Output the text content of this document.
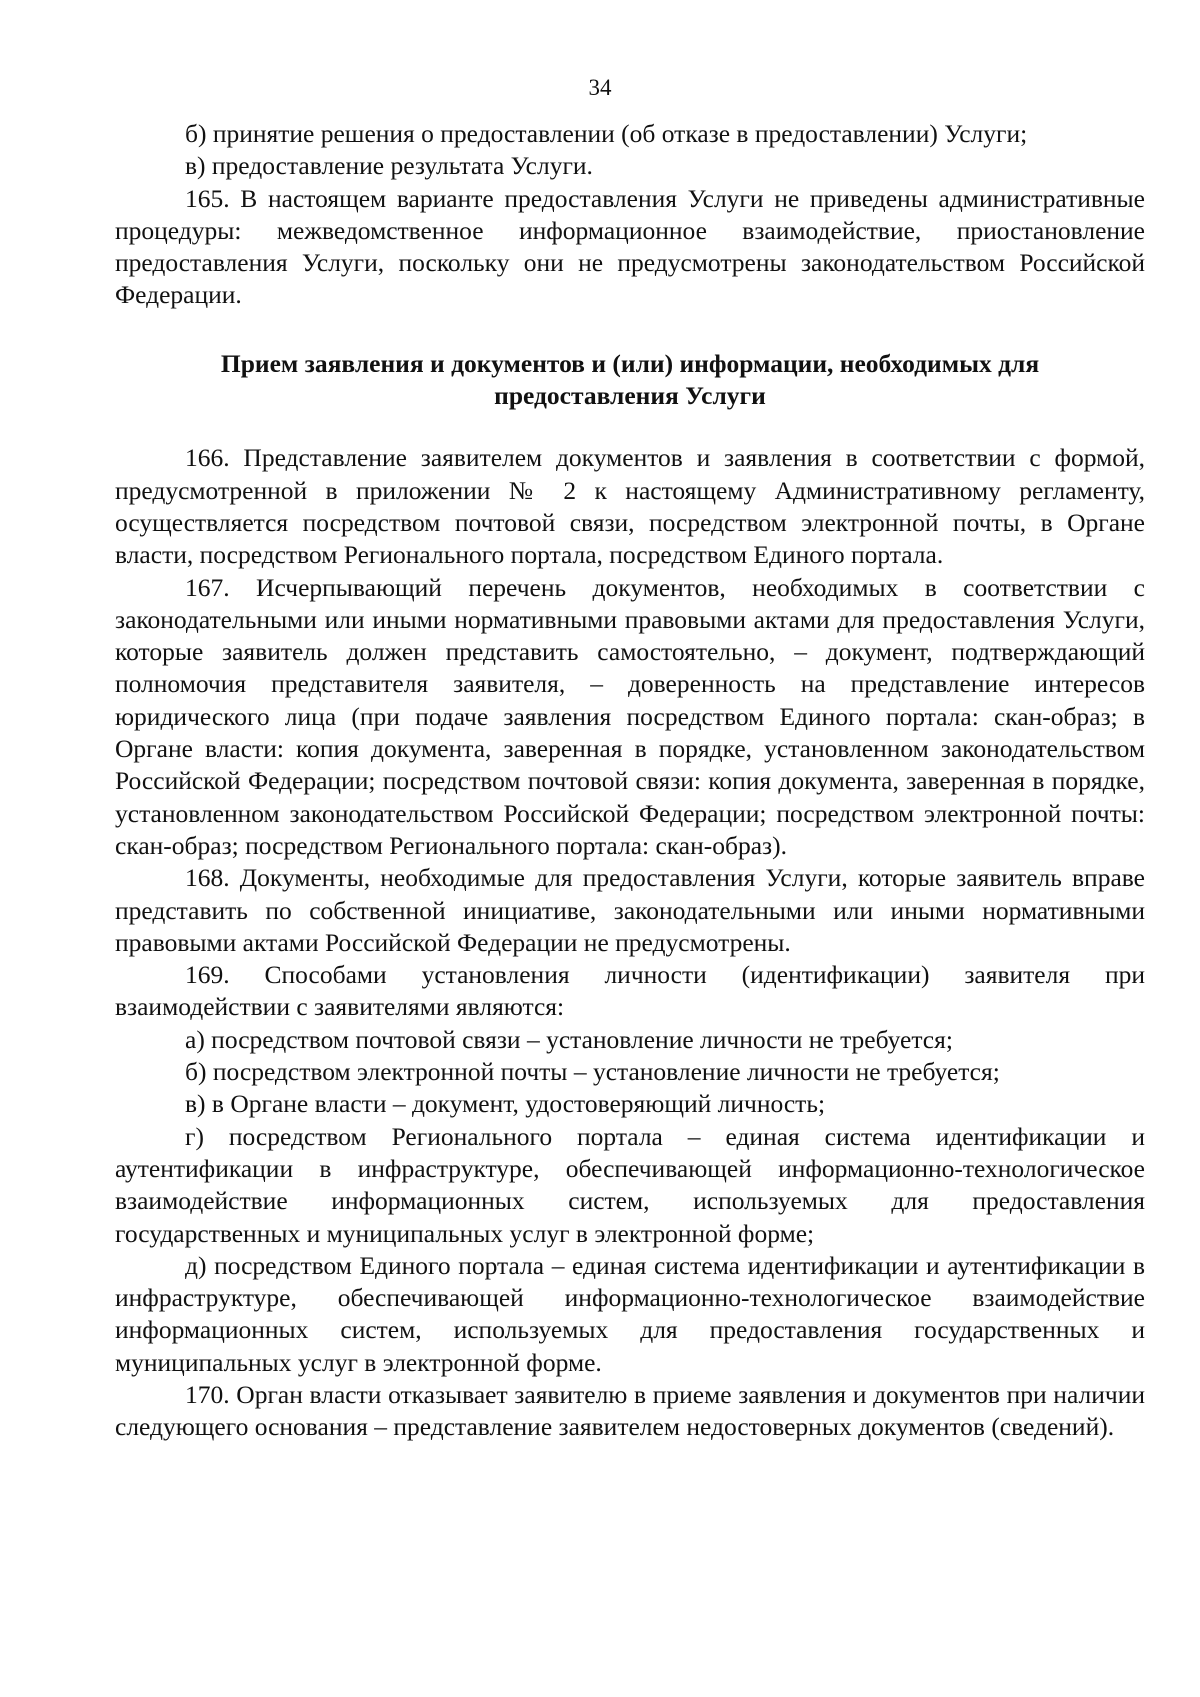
34

б) принятие решения о предоставлении (об отказе в предоставлении) Услуги;

в) предоставление результата Услуги.

165. В настоящем варианте предоставления Услуги не приведены административные процедуры: межведомственное информационное взаимодействие, приостановление предоставления Услуги, поскольку они не предусмотрены законодательством Российской Федерации.

Прием заявления и документов и (или) информации, необходимых для
предоставления Услуги

166. Представление заявителем документов и заявления в соответствии с формой, предусмотренной в приложении № 2 к настоящему Административному регламенту, осуществляется посредством почтовой связи, посредством электронной почты, в Органе власти, посредством Регионального портала, посредством Единого портала.

167. Исчерпывающий перечень документов, необходимых в соответствии с законодательными или иными нормативными правовыми актами для предоставления Услуги, которые заявитель должен представить самостоятельно, – документ, подтверждающий полномочия представителя заявителя, – доверенность на представление интересов юридического лица (при подаче заявления посредством Единого портала: скан-образ; в Органе власти: копия документа, заверенная в порядке, установленном законодательством Российской Федерации; посредством почтовой связи: копия документа, заверенная в порядке, установленном законодательством Российской Федерации; посредством электронной почты: скан-образ; посредством Регионального портала: скан-образ).

168. Документы, необходимые для предоставления Услуги, которые заявитель вправе представить по собственной инициативе, законодательными или иными нормативными правовыми актами Российской Федерации не предусмотрены.

169. Способами установления личности (идентификации) заявителя при взаимодействии с заявителями являются:

а) посредством почтовой связи – установление личности не требуется;

б) посредством электронной почты – установление личности не требуется;

в) в Органе власти – документ, удостоверяющий личность;

г) посредством Регионального портала – единая система идентификации и аутентификации в инфраструктуре, обеспечивающей информационно-технологическое взаимодействие информационных систем, используемых для предоставления государственных и муниципальных услуг в электронной форме;

д) посредством Единого портала – единая система идентификации и аутентификации в инфраструктуре, обеспечивающей информационно-технологическое взаимодействие информационных систем, используемых для предоставления государственных и муниципальных услуг в электронной форме.

170. Орган власти отказывает заявителю в приеме заявления и документов при наличии следующего основания – представление заявителем недостоверных документов (сведений).
